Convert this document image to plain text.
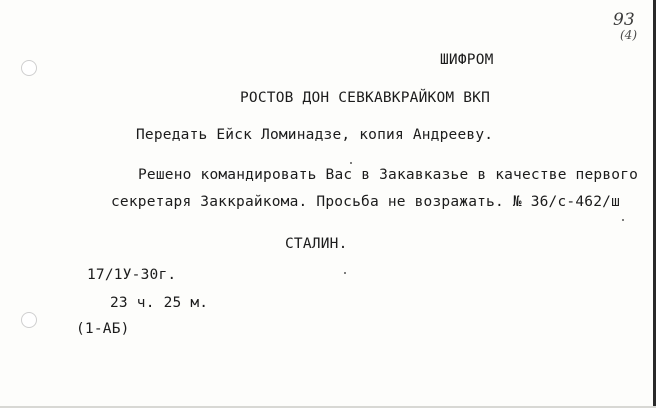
93
(4)
ШИФРОМ
РОСТОВ ДОН СЕВКАВКРАЙКОМ ВКП
Передать Ейск Ломинадзе, копия Андрееву.
Решено командировать Вас в Закавказье в качестве первого
секретаря Заккрайкома. Просьба не возражать. № 36/с-462/ш
СТАЛИН.
17/1У-30г.
23 ч. 25 м.
(1-АБ)
